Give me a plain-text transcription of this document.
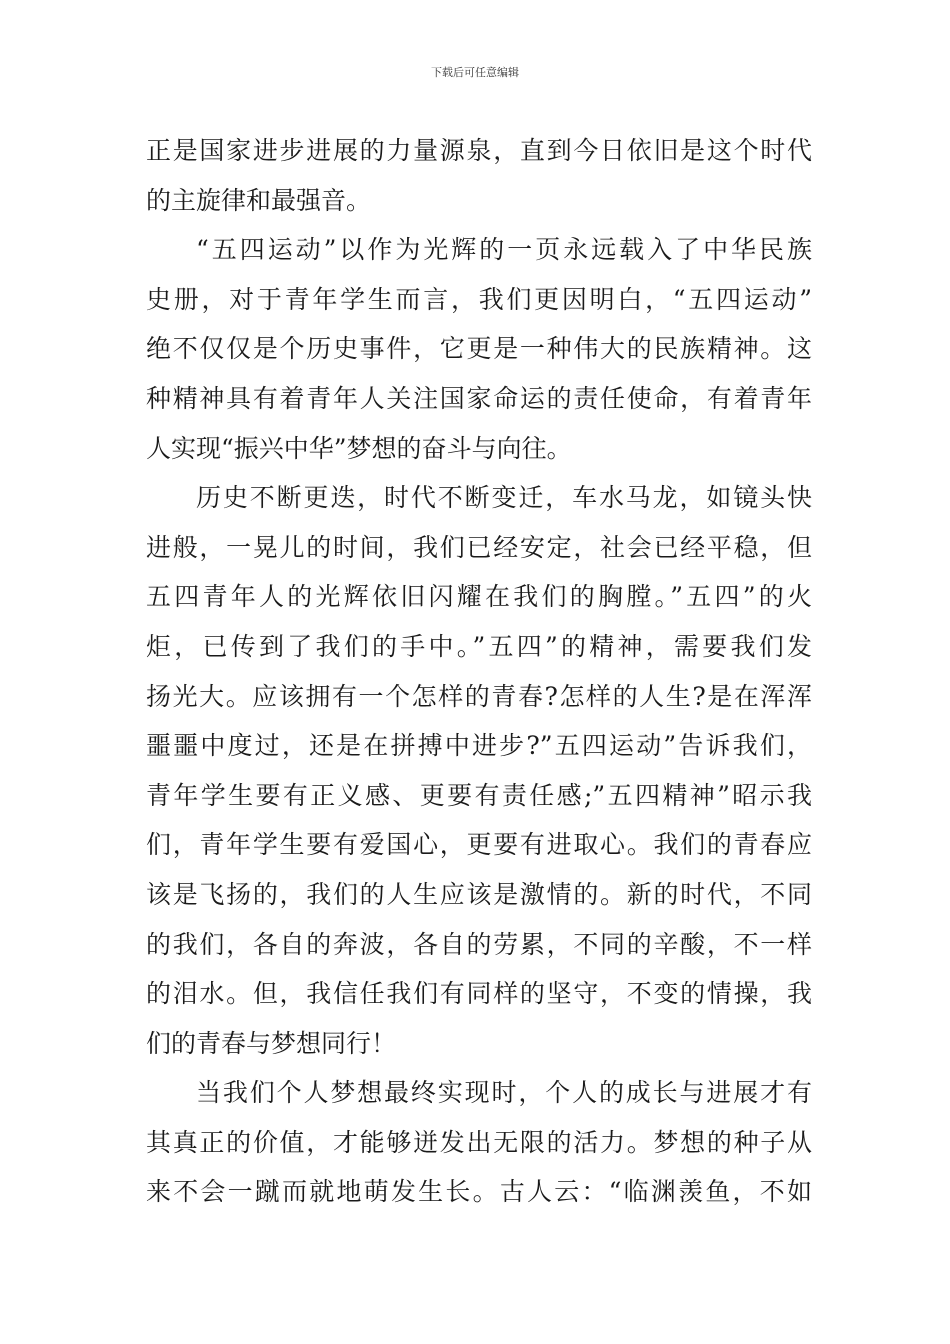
下载后可任意编辑
正是国家进步进展的力量源泉，直到今日依旧是这个时代
的主旋律和最强音。
“五四运动”以作为光辉的一页永远载入了中华民族
史册，对于青年学生而言，我们更因明白，“五四运动”
绝不仅仅是个历史事件，它更是一种伟大的民族精神。这
种精神具有着青年人关注国家命运的责任使命，有着青年
人实现“振兴中华”梦想的奋斗与向往。
历史不断更迭，时代不断变迁，车水马龙，如镜头快
进般，一晃儿的时间，我们已经安定，社会已经平稳，但
五四青年人的光辉依旧闪耀在我们的胸膛。”五四”的火
炬，已传到了我们的手中。”五四”的精神，需要我们发
扬光大。应该拥有一个怎样的青春?怎样的人生?是在浑浑
噩噩中度过，还是在拼搏中进步?”五四运动”告诉我们，
青年学生要有正义感、更要有责任感;”五四精神”昭示我
们，青年学生要有爱国心，更要有进取心。我们的青春应
该是飞扬的，我们的人生应该是激情的。新的时代，不同
的我们，各自的奔波，各自的劳累，不同的辛酸，不一样
的泪水。但，我信任我们有同样的坚守，不变的情操，我
们的青春与梦想同行！
当我们个人梦想最终实现时，个人的成长与进展才有
其真正的价值，才能够迸发出无限的活力。梦想的种子从
来不会一蹴而就地萌发生长。古人云：“临渊羡鱼，不如
